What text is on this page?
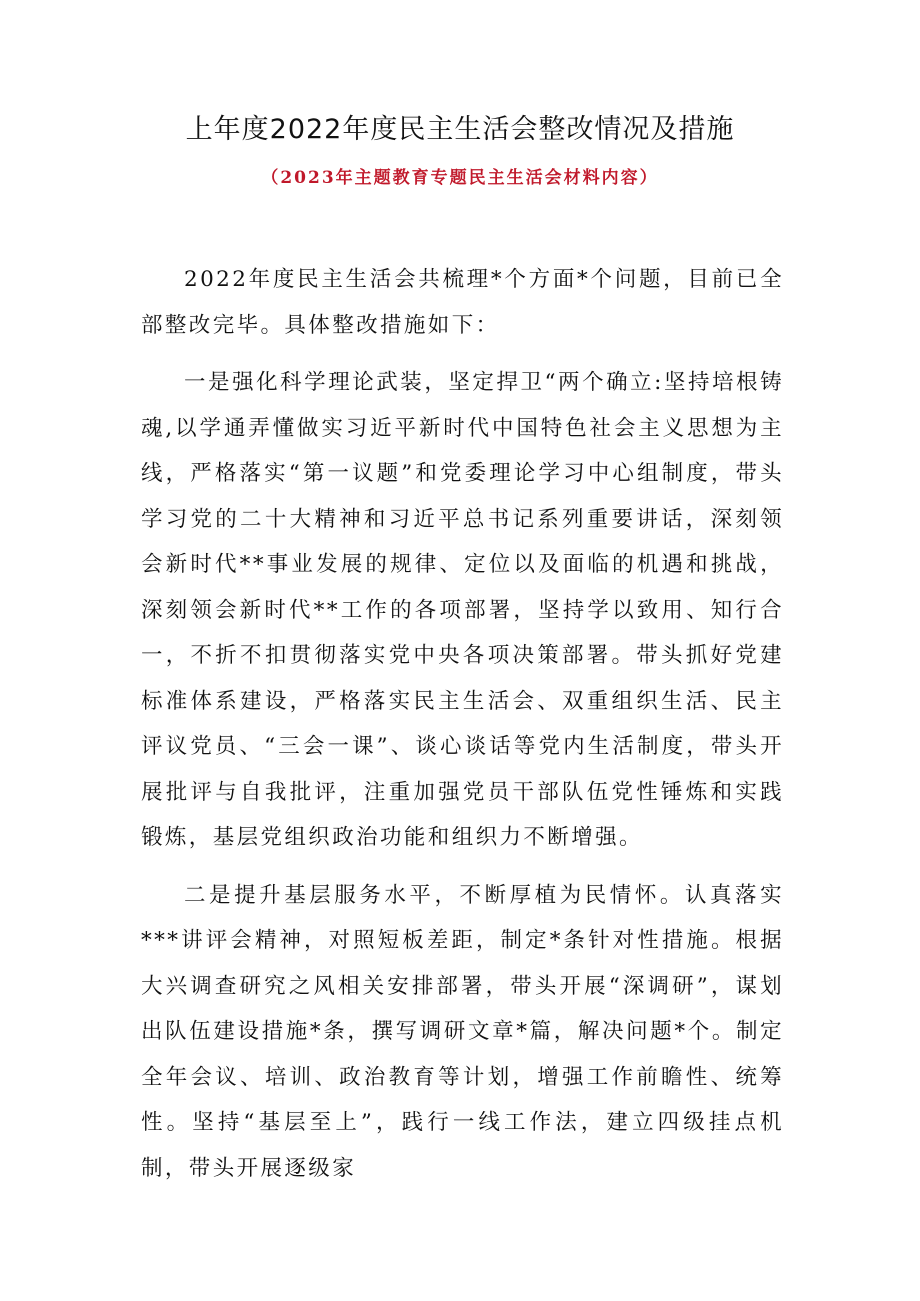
上年度2022年度民主生活会整改情况及措施

（2023年主题教育专题民主生活会材料内容）

2022年度民主生活会共梳理*个方面*个问题，目前已全部整改完毕。具体整改措施如下：

一是强化科学理论武装，坚定捍卫“两个确立:坚持培根铸魂,以学通弄懂做实习近平新时代中国特色社会主义思想为主线，严格落实“第一议题”和党委理论学习中心组制度，带头学习党的二十大精神和习近平总书记系列重要讲话，深刻领会新时代**事业发展的规律、定位以及面临的机遇和挑战，深刻领会新时代**工作的各项部署，坚持学以致用、知行合一，不折不扣贯彻落实党中央各项决策部署。带头抓好党建标准体系建设，严格落实民主生活会、双重组织生活、民主评议党员、“三会一课”、谈心谈话等党内生活制度，带头开展批评与自我批评，注重加强党员干部队伍党性锤炼和实践锻炼，基层党组织政治功能和组织力不断增强。

二是提升基层服务水平，不断厚植为民情怀。认真落实***讲评会精神，对照短板差距，制定*条针对性措施。根据大兴调查研究之风相关安排部署，带头开展“深调研”，谋划出队伍建设措施*条，撰写调研文章*篇，解决问题*个。制定全年会议、培训、政治教育等计划，增强工作前瞻性、统筹性。坚持“基层至上”，践行一线工作法，建立四级挂点机制，带头开展逐级家
